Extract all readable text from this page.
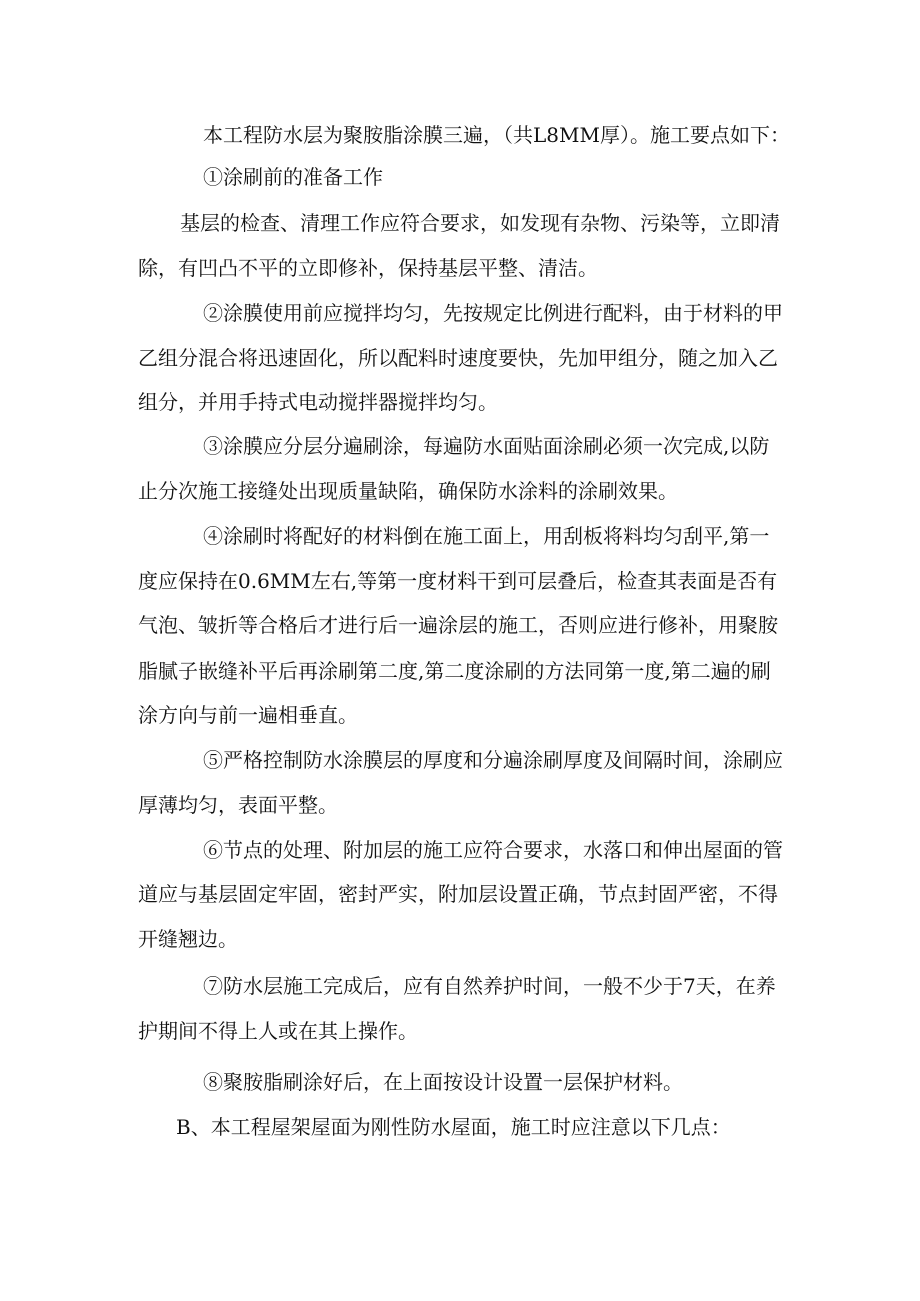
本工程防水层为聚胺脂涂膜三遍，（共L8MM厚）。施工要点如下：
①涂刷前的准备工作
基层的检查、清理工作应符合要求，如发现有杂物、污染等，立即清
除，有凹凸不平的立即修补，保持基层平整、清洁。
②涂膜使用前应搅拌均匀，先按规定比例进行配料，由于材料的甲
乙组分混合将迅速固化，所以配料时速度要快，先加甲组分，随之加入乙
组分，并用手持式电动搅拌器搅拌均匀。
③涂膜应分层分遍刷涂，每遍防水面贴面涂刷必须一次完成,以防
止分次施工接缝处出现质量缺陷，确保防水涂料的涂刷效果。
④涂刷时将配好的材料倒在施工面上，用刮板将料均匀刮平,第一
度应保持在0.6MM左右,等第一度材料干到可层叠后，检查其表面是否有
气泡、皱折等合格后才进行后一遍涂层的施工，否则应进行修补，用聚胺
脂腻子嵌缝补平后再涂刷第二度,第二度涂刷的方法同第一度,第二遍的刷
涂方向与前一遍相垂直。
⑤严格控制防水涂膜层的厚度和分遍涂刷厚度及间隔时间，涂刷应
厚薄均匀，表面平整。
⑥节点的处理、附加层的施工应符合要求，水落口和伸出屋面的管
道应与基层固定牢固，密封严实，附加层设置正确，节点封固严密，不得
开缝翘边。
⑦防水层施工完成后，应有自然养护时间，一般不少于7天，在养
护期间不得上人或在其上操作。
⑧聚胺脂刷涂好后，在上面按设计设置一层保护材料。
B、本工程屋架屋面为刚性防水屋面，施工时应注意以下几点：
